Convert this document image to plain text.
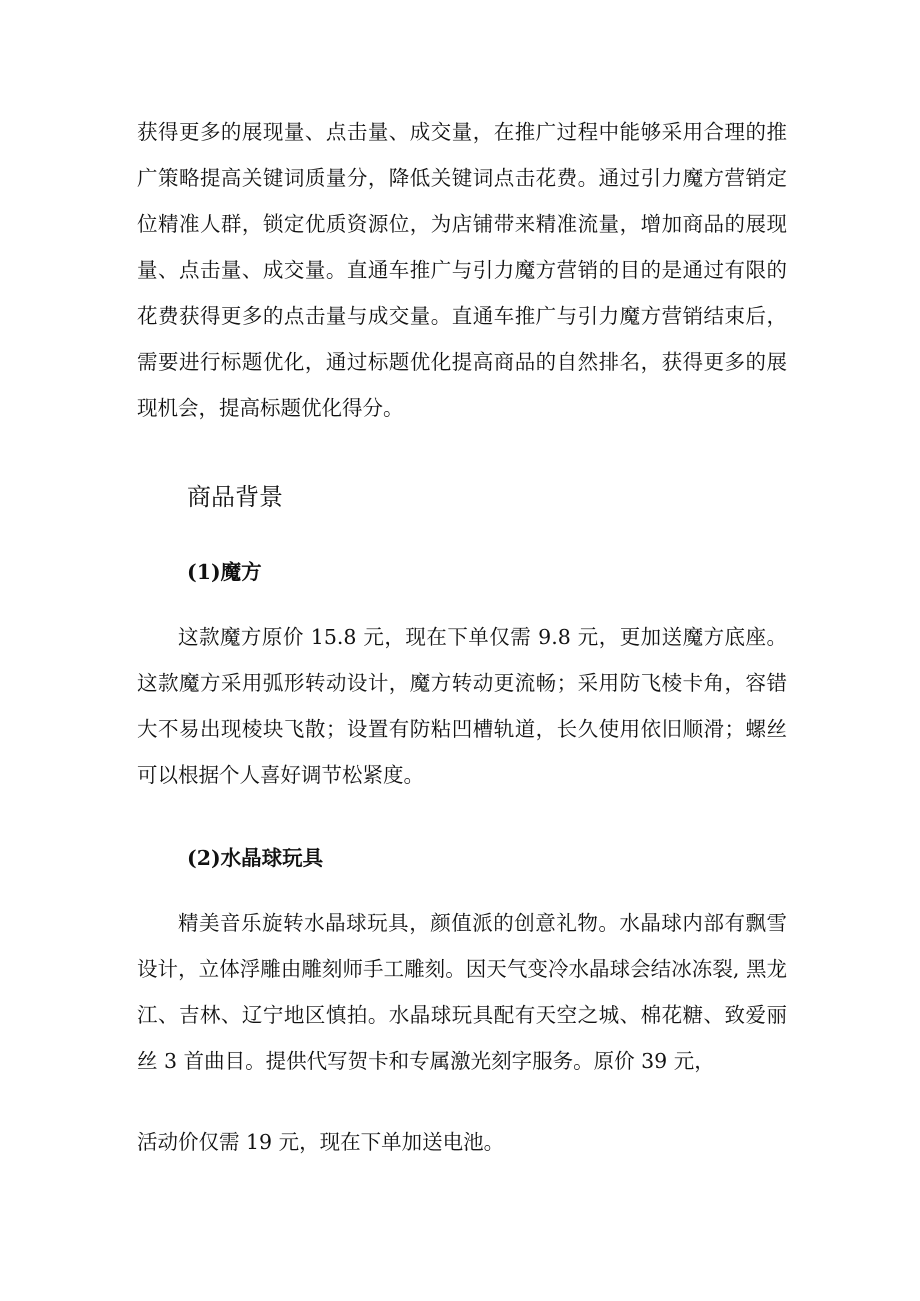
获得更多的展现量、点击量、成交量，在推广过程中能够采用合理的推广策略提高关键词质量分，降低关键词点击花费。通过引力魔方营销定位精准人群，锁定优质资源位，为店铺带来精准流量，增加商品的展现量、点击量、成交量。直通车推广与引力魔方营销的目的是通过有限的花费获得更多的点击量与成交量。直通车推广与引力魔方营销结束后，需要进行标题优化，通过标题优化提高商品的自然排名，获得更多的展现机会，提高标题优化得分。

商品背景
(1)魔方

这款魔方原价 15.8 元，现在下单仅需 9.8 元，更加送魔方底座。这款魔方采用弧形转动设计，魔方转动更流畅；采用防飞棱卡角，容错大不易出现棱块飞散；设置有防粘凹槽轨道，长久使用依旧顺滑；螺丝可以根据个人喜好调节松紧度。

(2)水晶球玩具

精美音乐旋转水晶球玩具，颜值派的创意礼物。水晶球内部有飘雪设计，立体浮雕由雕刻师手工雕刻。因天气变冷水晶球会结冰冻裂, 黑龙江、吉林、辽宁地区慎拍。水晶球玩具配有天空之城、棉花糖、致爱丽丝 3 首曲目。提供代写贺卡和专属激光刻字服务。原价 39 元，

活动价仅需 19 元，现在下单加送电池。
